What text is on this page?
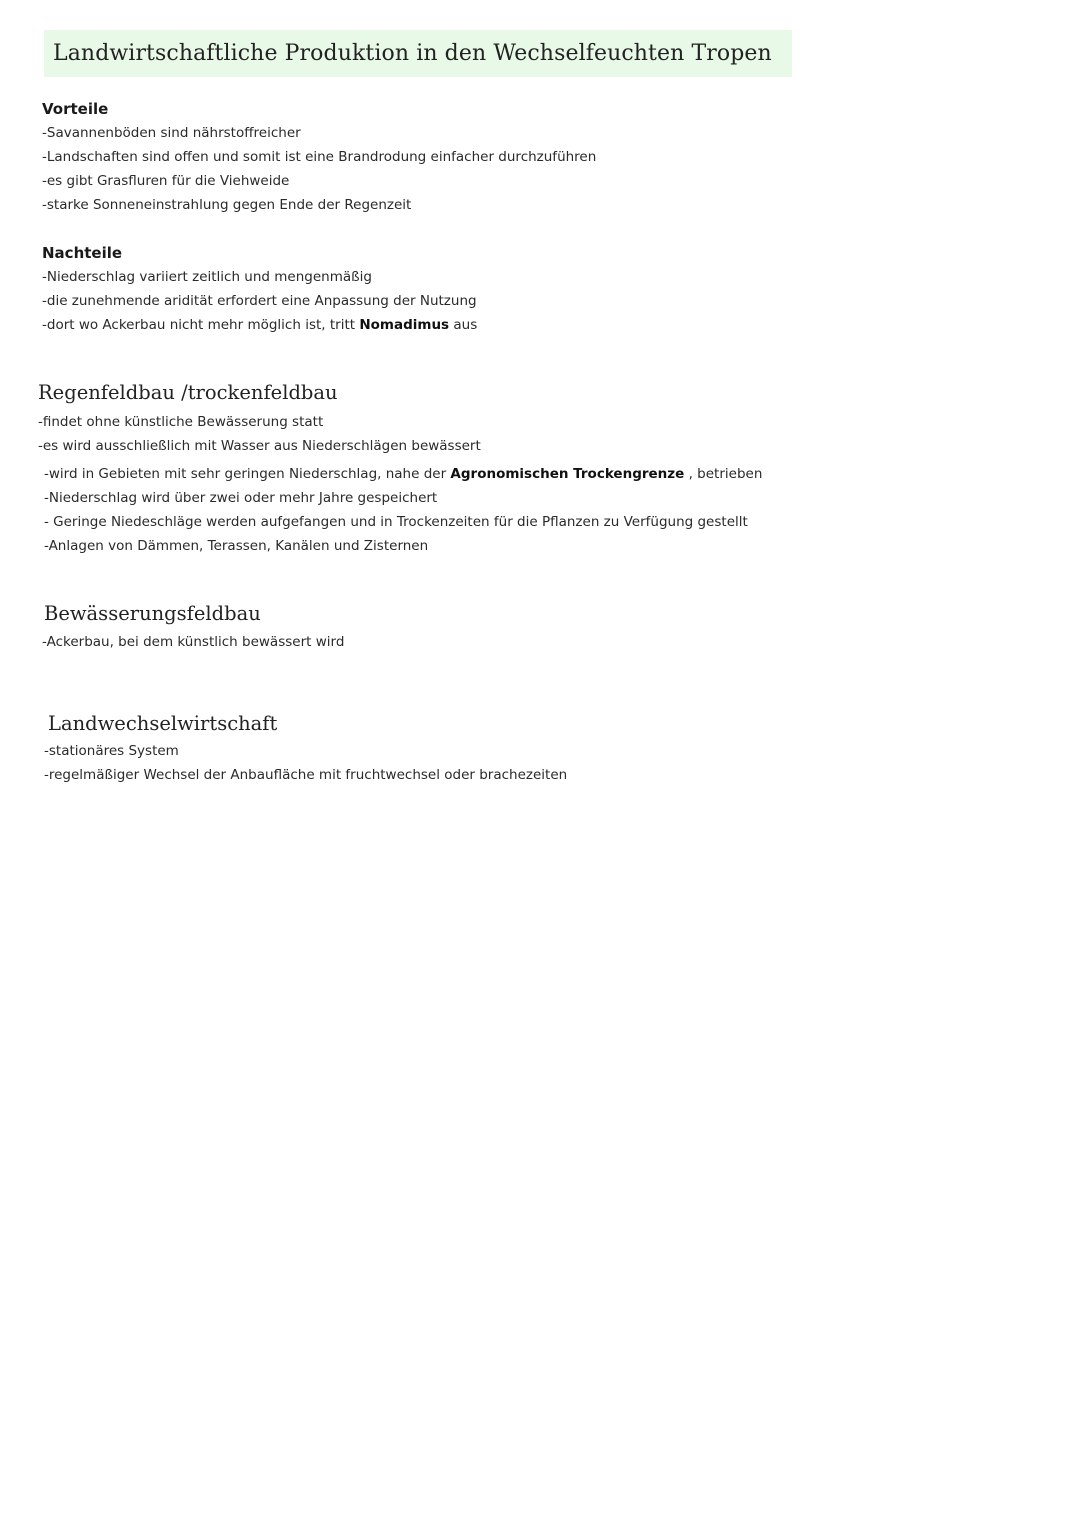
Landwirtschaftliche Produktion in den Wechselfeuchten Tropen
Vorteile
-Savannenböden sind nährstoffreicher
-Landschaften sind offen und somit ist eine Brandrodung einfacher durchzuführen
-es gibt Grasfluren für die Viehweide
-starke Sonneneinstrahlung gegen Ende der Regenzeit
Nachteile
-Niederschlag variiert zeitlich und mengenmäßig
-die zunehmende aridität erfordert eine Anpassung der Nutzung
-dort wo Ackerbau nicht mehr möglich ist, tritt Nomadimus aus
Regenfeldbau /trockenfeldbau
-findet ohne künstliche Bewässerung statt
-es wird ausschließlich mit Wasser aus Niederschlägen bewässert
-wird in Gebieten mit sehr geringen Niederschlag, nahe der Agronomischen Trockengrenze , betrieben
-Niederschlag wird über zwei oder mehr Jahre gespeichert
- Geringe Niedeschläge werden aufgefangen und in Trockenzeiten für die Pflanzen zu Verfügung gestellt
-Anlagen von Dämmen, Terassen, Kanälen und Zisternen
Bewässerungsfeldbau
-Ackerbau, bei dem künstlich bewässert wird
Landwechselwirtschaft
-stationäres System
-regelmäßiger Wechsel der Anbaufläche mit fruchtwechsel oder brachezeiten
